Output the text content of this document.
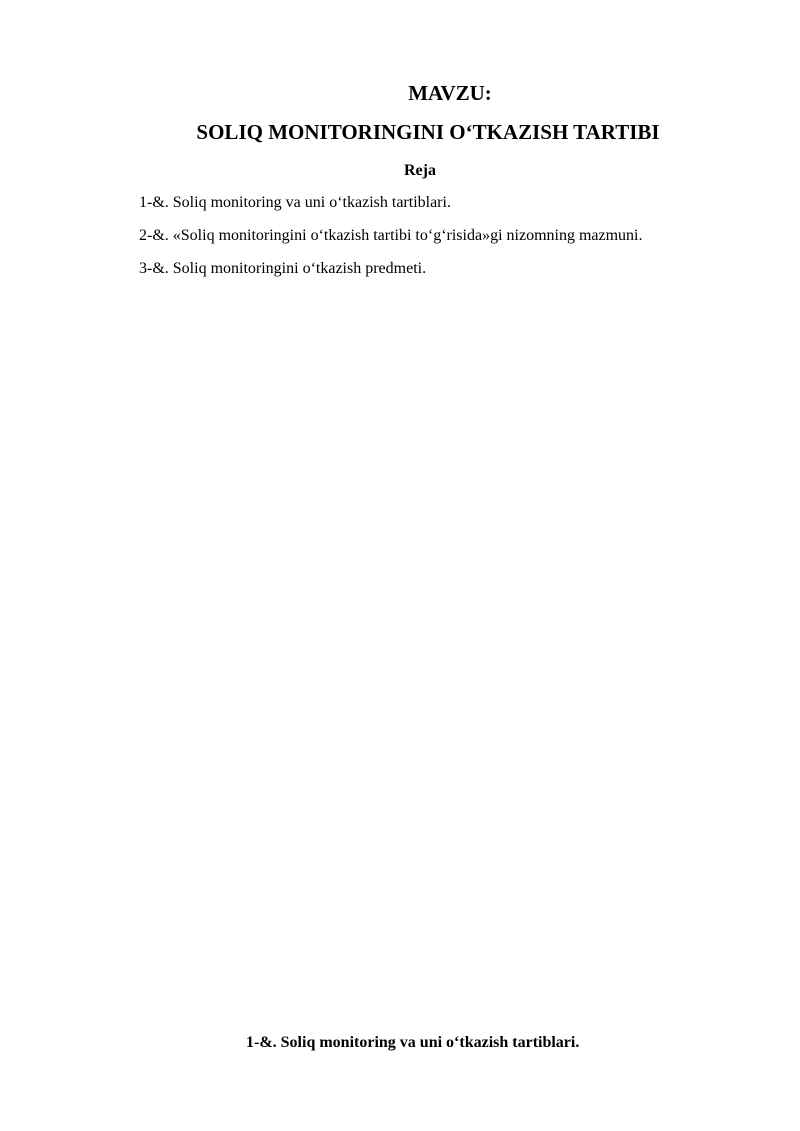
MAVZU:
SOLIQ MONITORINGINI O‘TKAZISH TARTIBI
Reja
1-&. Soliq monitoring va uni o‘tkazish tartiblari.
2-&. «Soliq monitoringini o‘tkazish tartibi to‘g‘risida»gi nizomning mazmuni.
3-&. Soliq monitoringini o‘tkazish predmeti.
1-&. Soliq monitoring va uni o‘tkazish tartiblari.
